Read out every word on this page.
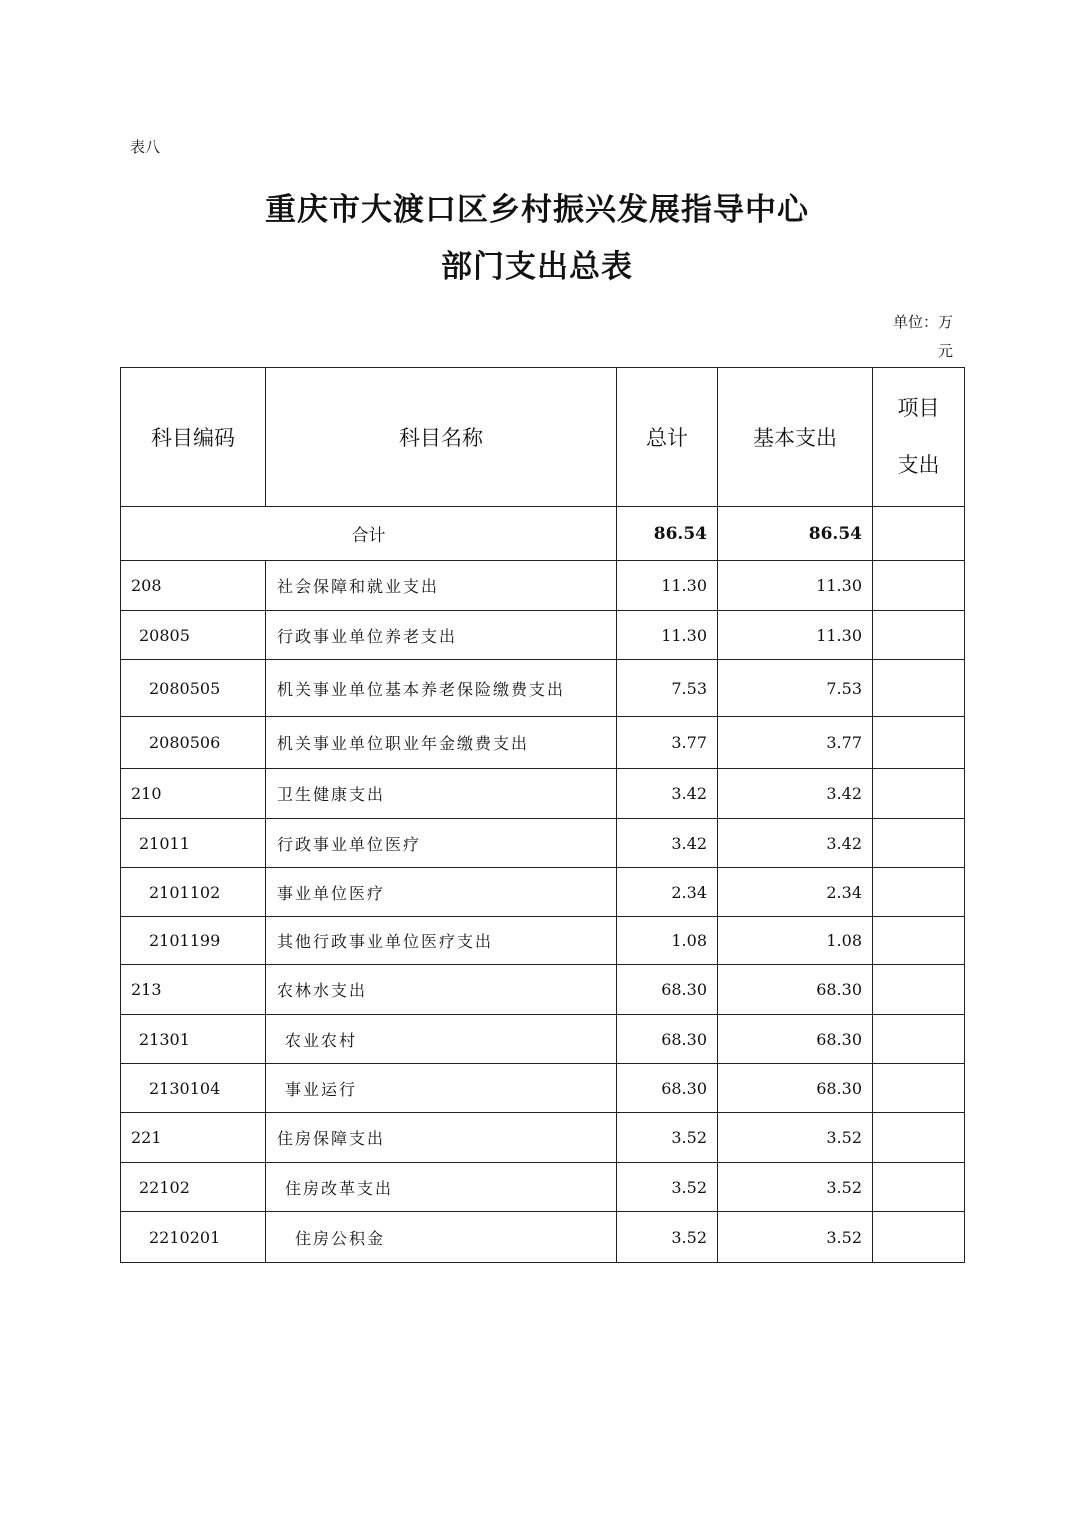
表八
重庆市大渡口区乡村振兴发展指导中心
部门支出总表
单位：万
元
科目编码	科目名称	总计	基本支出	项目
支出

合计		86.54	86.54	
208	社会保障和就业支出	11.30	11.30	
20805	行政事业单位养老支出	11.30	11.30	
2080505	机关事业单位基本养老保险缴费支出	7.53	7.53	
2080506	机关事业单位职业年金缴费支出	3.77	3.77	
210	卫生健康支出	3.42	3.42	
21011	行政事业单位医疗	3.42	3.42	
2101102	事业单位医疗	2.34	2.34	
2101199	其他行政事业单位医疗支出	1.08	1.08	
213	农林水支出	68.30	68.30	
21301	农业农村	68.30	68.30	
2130104	事业运行	68.30	68.30	
221	住房保障支出	3.52	3.52	
22102	住房改革支出	3.52	3.52	
2210201	住房公积金	3.52	3.52	
